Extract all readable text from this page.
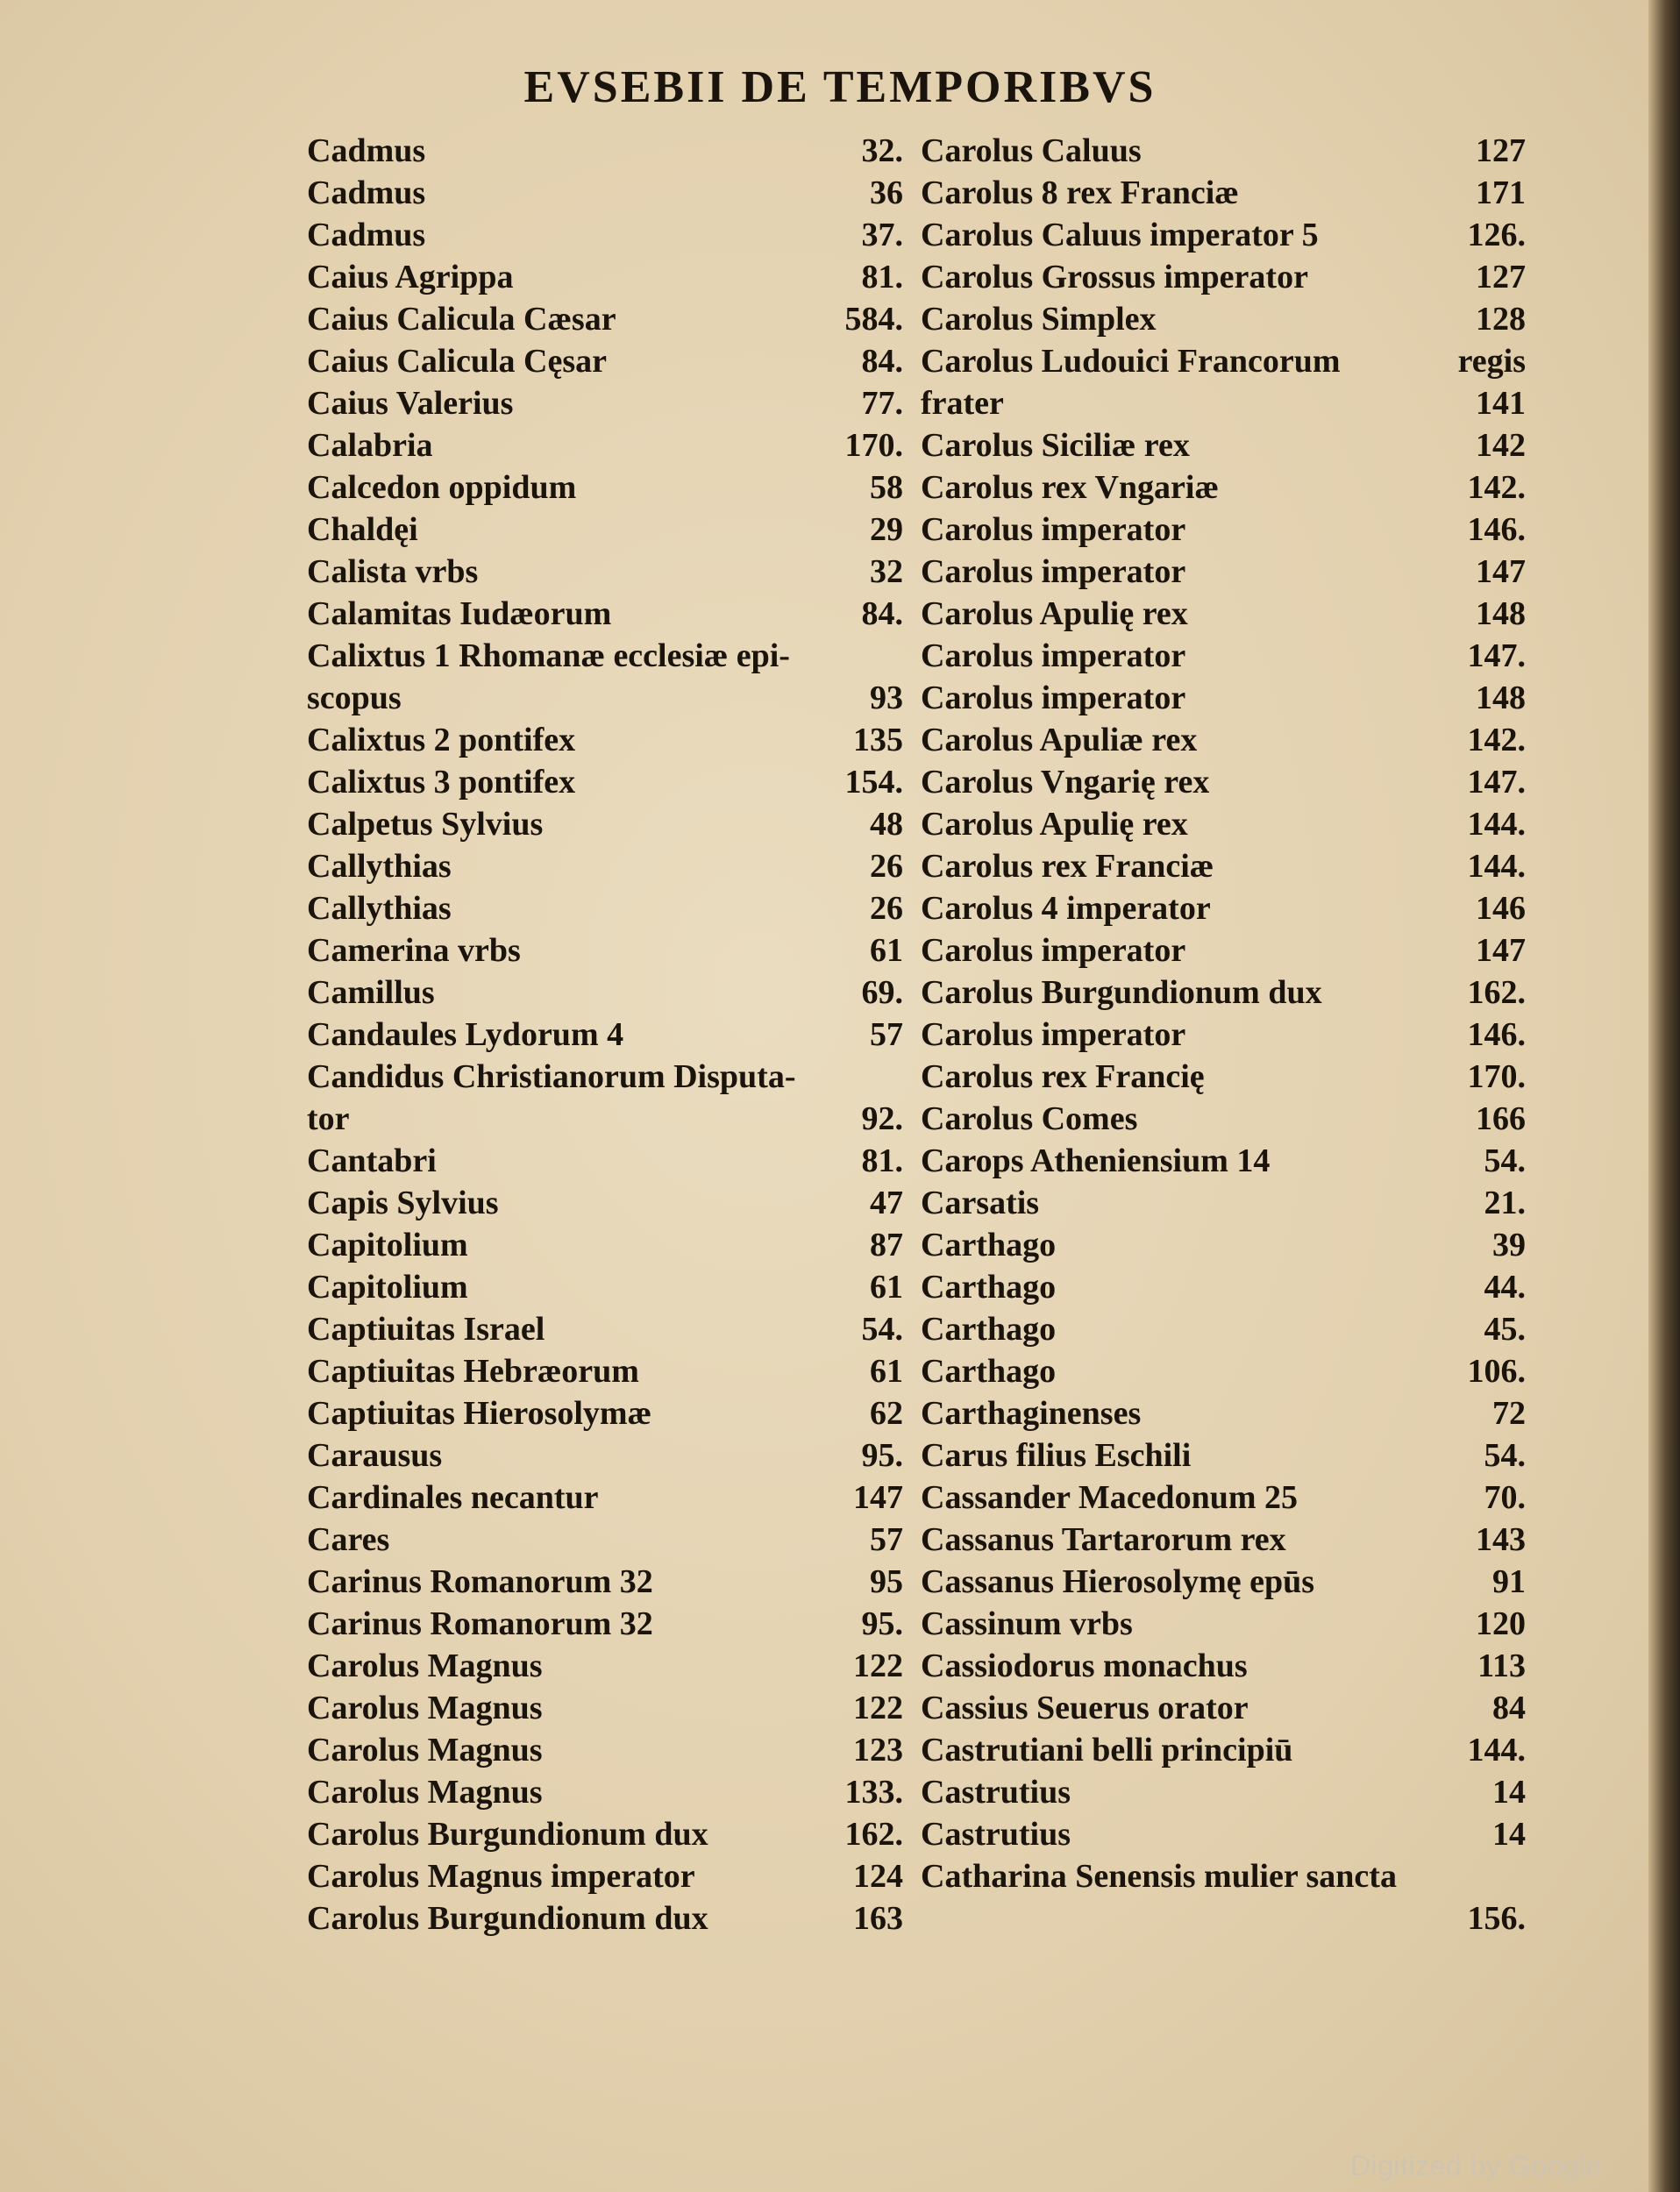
EVSEBII DE TEMPORIBVS
Cadmus	32.
Cadmus	36
Cadmus	37.
Caius Agrippa	81.
Caius Calicula Cæsar	584.
Caius Calicula Cęsar	84.
Caius Valerius	77.
Calabria	170.
Calcedon oppidum	58
Chaldęi	29
Calista vrbs	32
Calamitas Iudæorum	84.
Calixtus 1 Rhomanæ ecclesiæ epi-
scopus	93
Calixtus 2 pontifex	135
Calixtus 3 pontifex	154.
Calpetus Sylvius	48
Callythias	26
Callythias	26
Camerina vrbs	61
Camillus	69.
Candaules Lydorum 4	57
Candidus Christianorum Disputa-
tor	92.
Cantabri	81.
Capis Sylvius	47
Capitolium	87
Capitolium	61
Captiuitas Israel	54.
Captiuitas Hebræorum	61
Captiuitas Hierosolymæ	62
Carausus	95.
Cardinales necantur	147
Cares	57
Carinus Romanorum 32	95
Carinus Romanorum 32	95.
Carolus Magnus	122
Carolus Magnus	122
Carolus Magnus	123
Carolus Magnus	133.
Carolus Burgundionum dux	162.
Carolus Magnus imperator	124
Carolus Burgundionum dux	163
Carolus Caluus	127
Carolus 8 rex Franciæ	171
Carolus Caluus imperator 5	126.
Carolus Grossus imperator	127
Carolus Simplex	128
Carolus Ludouici Francorum	regis
frater	141
Carolus Siciliæ rex	142
Carolus rex Vngariæ	142.
Carolus imperator	146.
Carolus imperator	147
Carolus Apulię rex	148
Carolus imperator	147.
Carolus imperator	148
Carolus Apuliæ rex	142.
Carolus Vngarię rex	147.
Carolus Apulię rex	144.
Carolus rex Franciæ	144.
Carolus 4 imperator	146
Carolus imperator	147
Carolus Burgundionum dux	162.
Carolus imperator	146.
Carolus rex Francię	170.
Carolus Comes	166
Carops Atheniensium 14	54.
Carsatis	21.
Carthago	39
Carthago	44.
Carthago	45.
Carthago	106.
Carthaginenses	72
Carus filius Eschili	54.
Cassander Macedonum 25	70.
Cassanus Tartarorum rex	143
Cassanus Hierosolymę epūs	91
Cassinum vrbs	120
Cassiodorus monachus	113
Cassius Seuerus orator	84
Castrutiani belli principiū	144.
Castrutius	14
Castrutius	14
Catharina Senensis mulier sancta
156.
Digitized by Google
